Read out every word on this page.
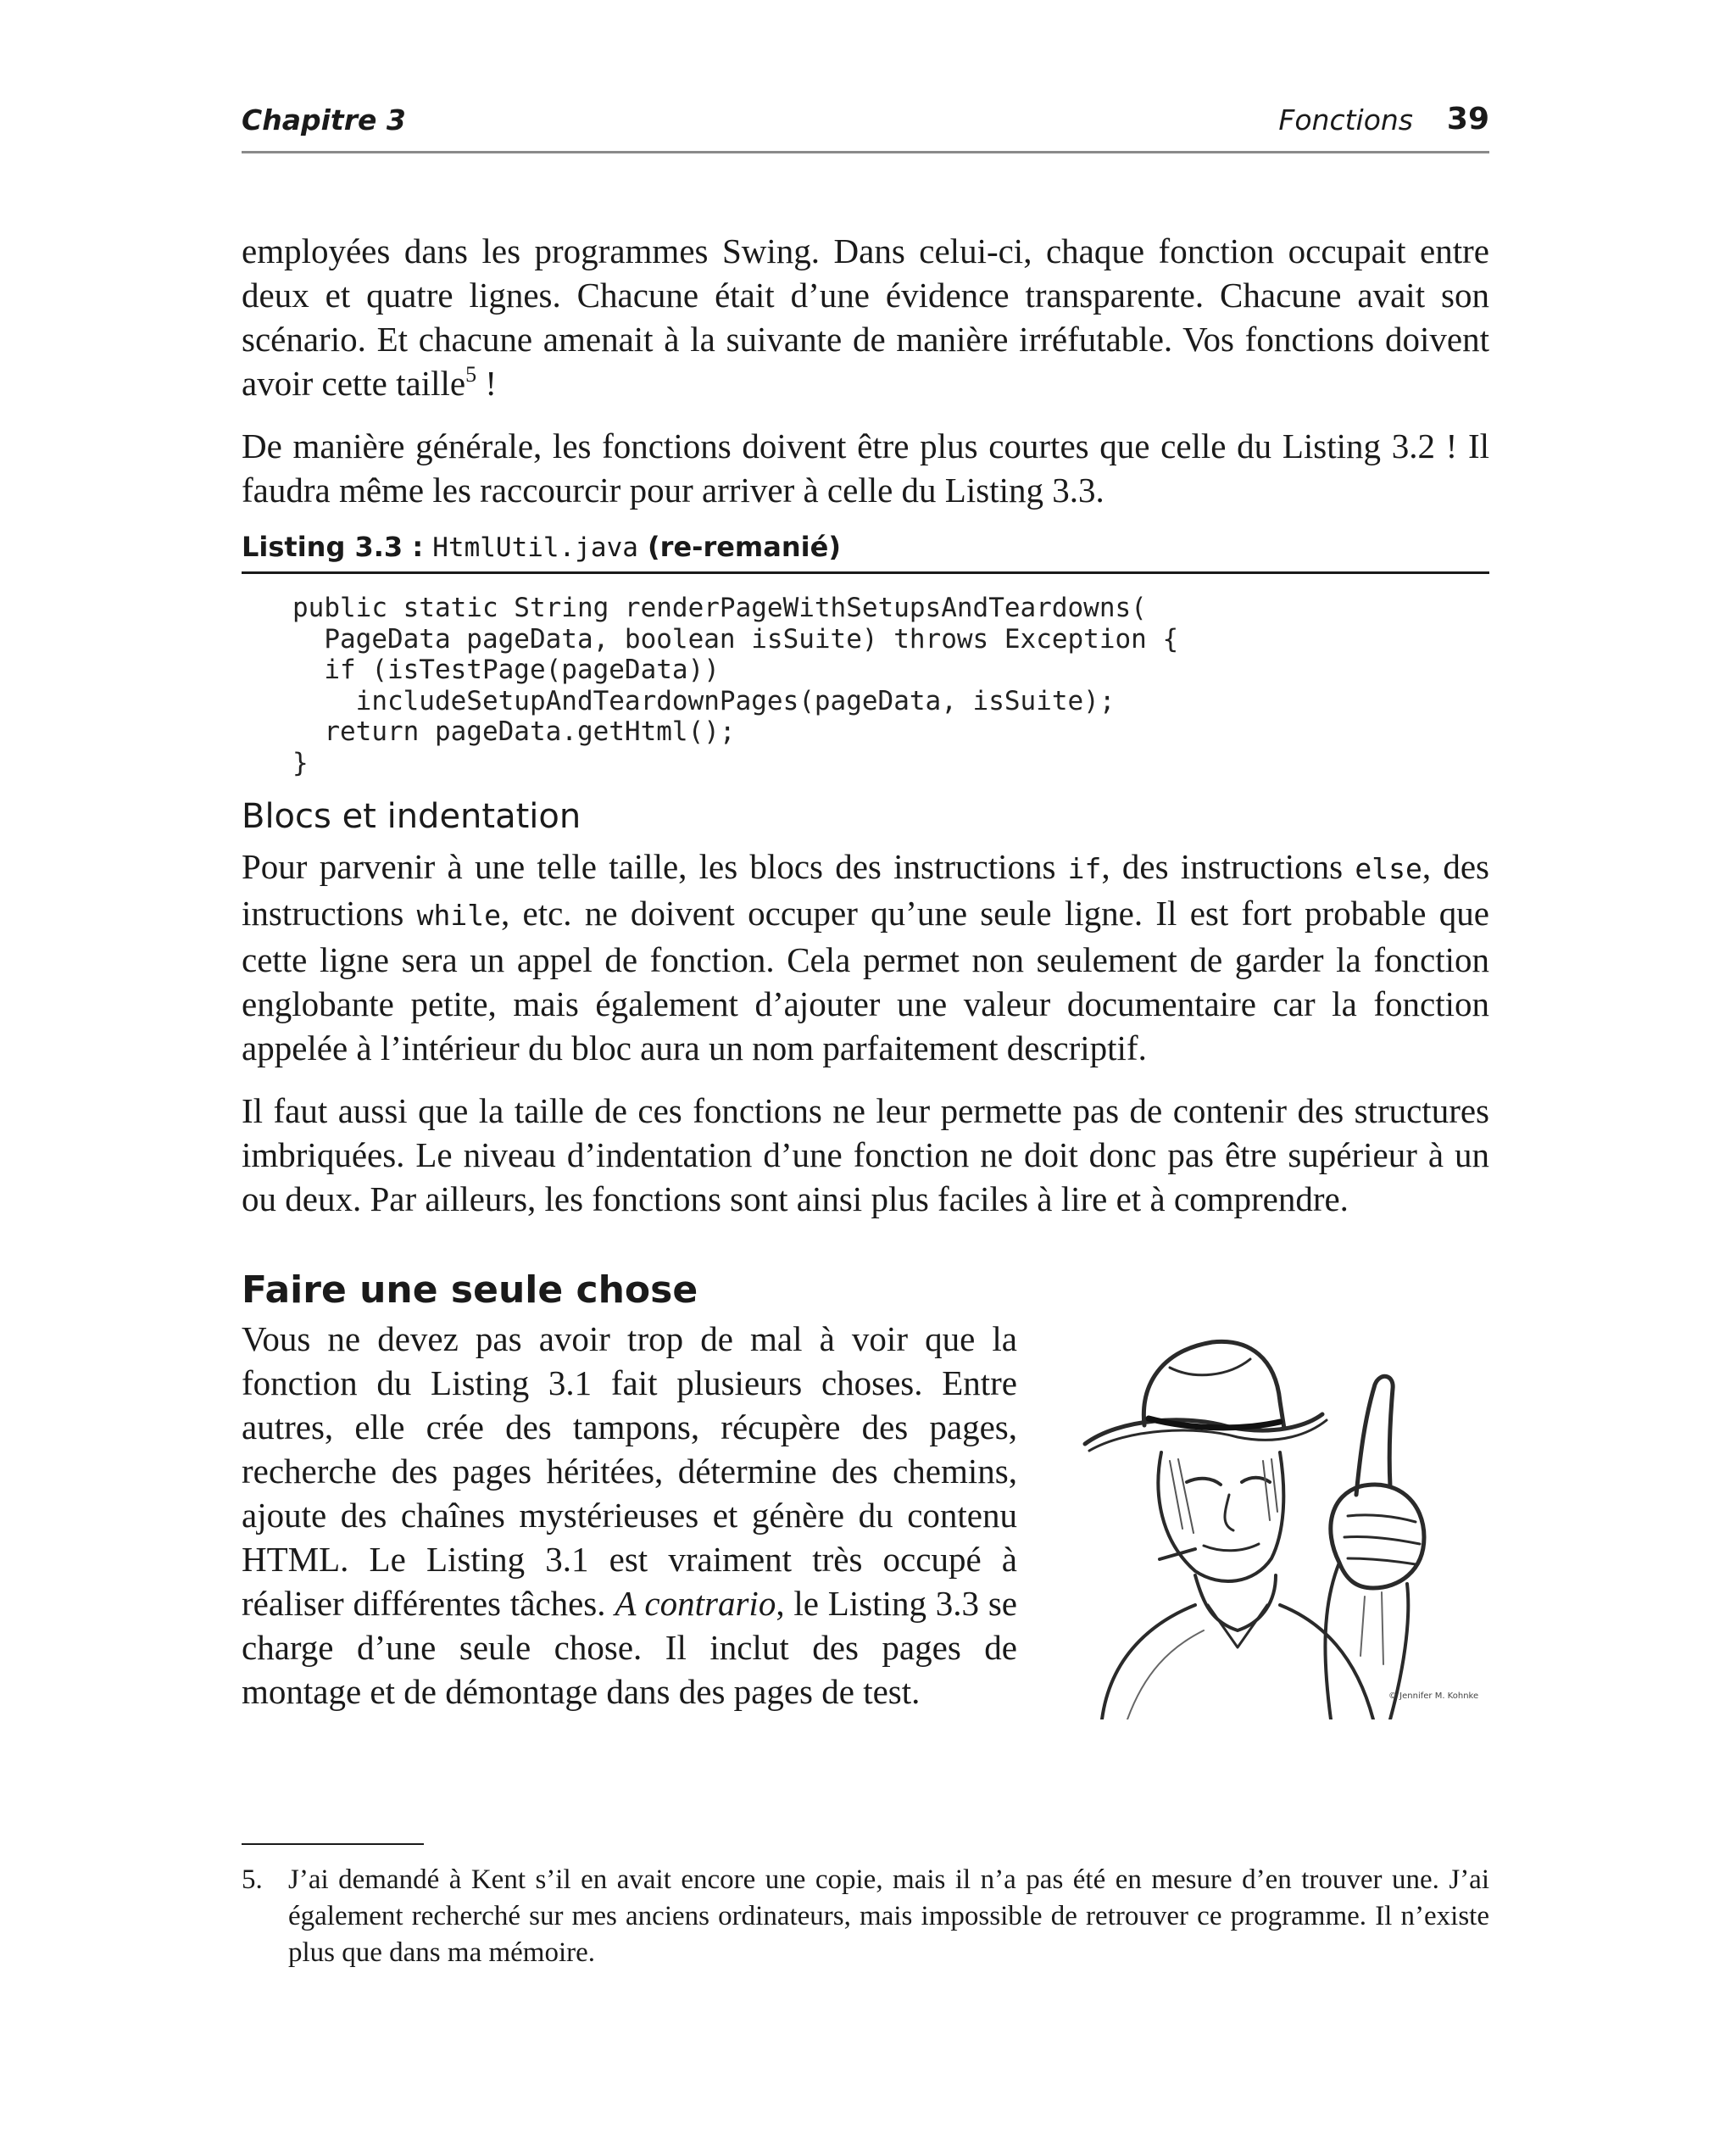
Chapitre 3	Fonctions 39

employées dans les programmes Swing. Dans celui-ci, chaque fonction occupait entre deux et quatre lignes. Chacune était d’une évidence transparente. Chacune avait son scénario. Et chacune amenait à la suivante de manière irréfutable. Vos fonctions doivent avoir cette taille$^5$ !

De manière générale, les fonctions doivent être plus courtes que celle du Listing 3.2 ! Il faudra même les raccourcir pour arriver à celle du Listing 3.3.

Listing 3.3 : HtmlUtil.java (re-remanié)
public static String renderPageWithSetupsAndTeardowns(
PageData pageData, boolean isSuite) throws Exception {
if (isTestPage(pageData))
includeSetupAndTeardownPages(pageData, isSuite);
return pageData.getHtml();
}
Blocs et indentation

Pour parvenir à une telle taille, les blocs des instructions if, des instructions else, des instructions while, etc. ne doivent occuper qu’une seule ligne. Il est fort probable que cette ligne sera un appel de fonction. Cela permet non seulement de garder la fonction englobante petite, mais également d’ajouter une valeur documentaire car la fonction appelée à l’intérieur du bloc aura un nom parfaitement descriptif.

Il faut aussi que la taille de ces fonctions ne leur permette pas de contenir des structures imbriquées. Le niveau d’indentation d’une fonction ne doit donc pas être supérieur à un ou deux. Par ailleurs, les fonctions sont ainsi plus faciles à lire et à comprendre.

Faire une seule chose

Vous ne devez pas avoir trop de mal à voir que la fonction du Listing 3.1 fait plusieurs choses. Entre autres, elle crée des tampons, récupère des pages, recherche des pages héritées, détermine des chemins, ajoute des chaînes mystérieuses et génère du contenu HTML. Le Listing 3.1 est vraiment très occupé à réaliser différentes tâches. A contrario, le Listing 3.3 se charge d’une seule chose. Il inclut des pages de montage et de démontage dans des pages de test.	© Jennifer M. Kohnke
5. J’ai demandé à Kent s’il en avait encore une copie, mais il n’a pas été en mesure d’en trouver une. J’ai également recherché sur mes anciens ordinateurs, mais impossible de retrouver ce programme. Il n’existe plus que dans ma mémoire.
